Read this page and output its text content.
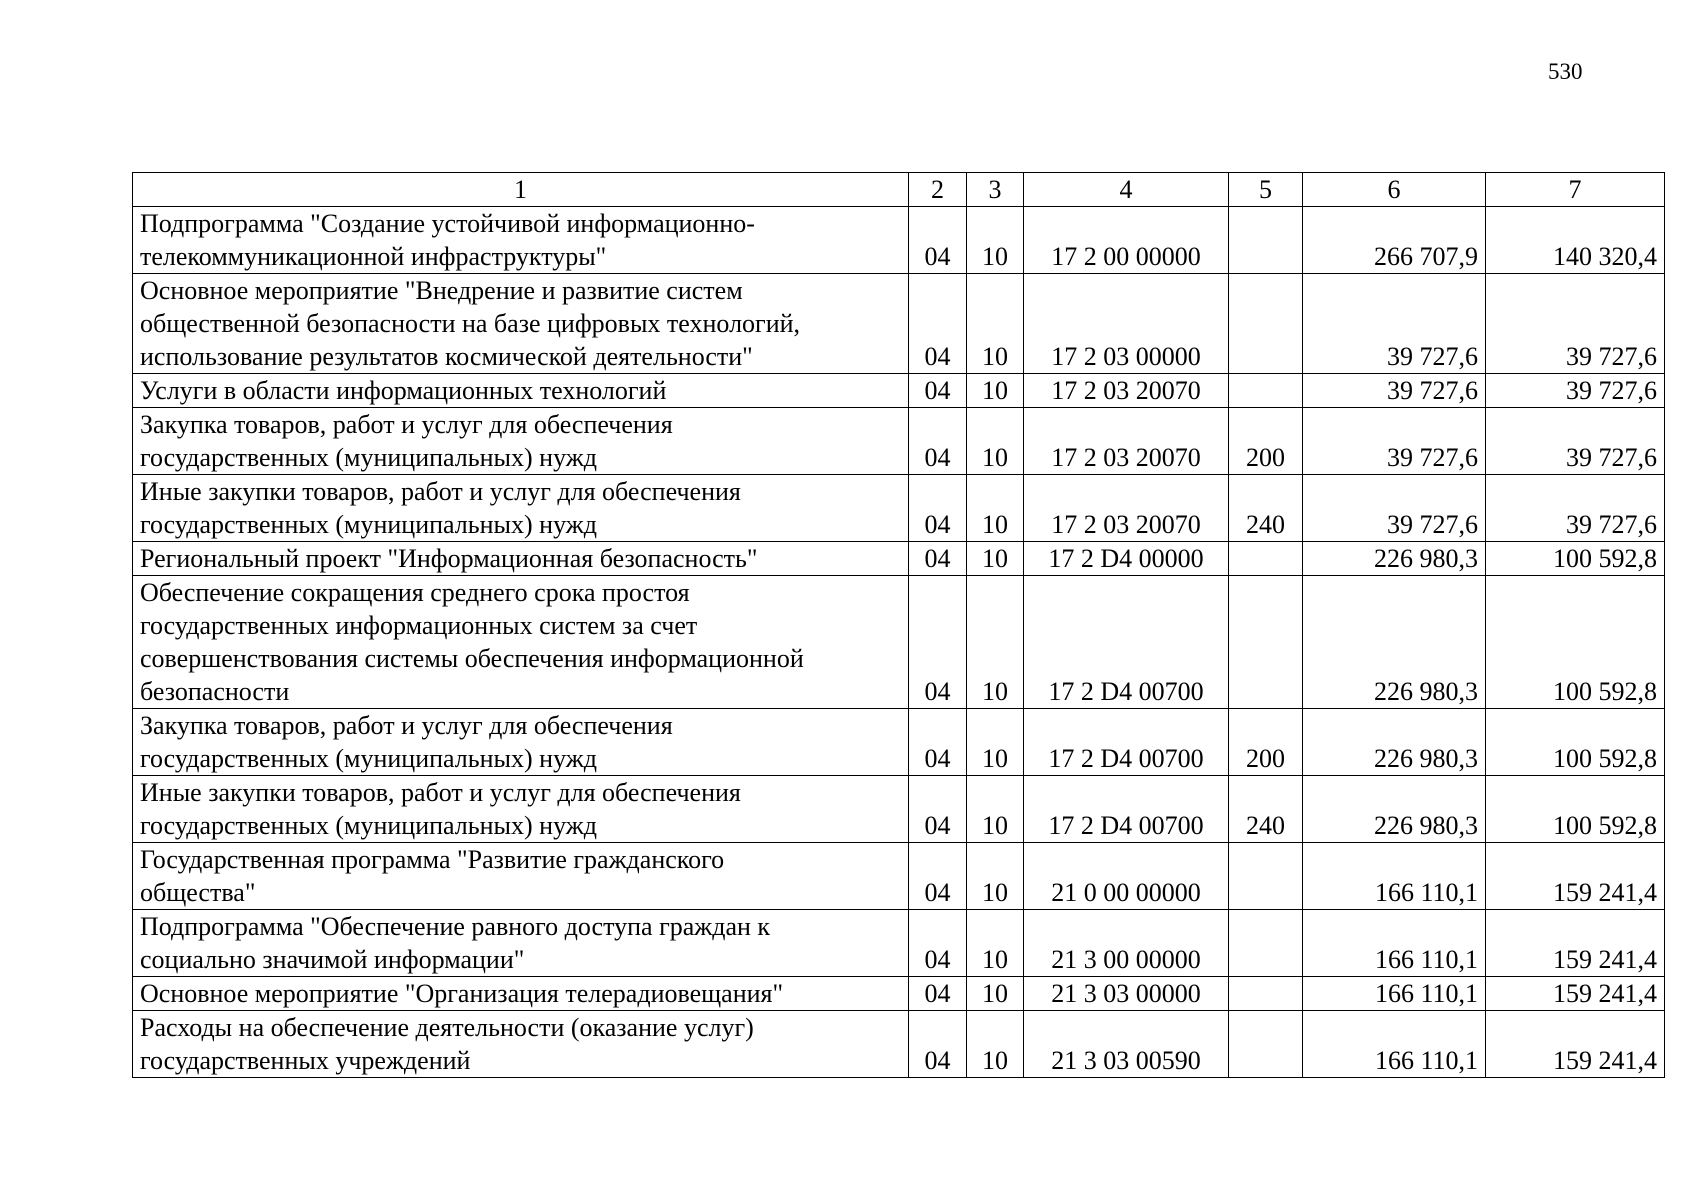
530
1	2	3	4	5	6	7

Подпрограмма "Создание устойчивой информационно-
телекоммуникационной инфраструктуры"	04	10	17 2 00 00000		266 707,9	140 320,4

Основное мероприятие "Внедрение и развитие систем
общественной безопасности на базе цифровых технологий,
использование результатов космической деятельности"	04	10	17 2 03 00000		39 727,6	39 727,6

Услуги в области информационных технологий	04	10	17 2 03 20070		39 727,6	39 727,6

Закупка товаров, работ и услуг для обеспечения
государственных (муниципальных) нужд	04	10	17 2 03 20070	200	39 727,6	39 727,6

Иные закупки товаров, работ и услуг для обеспечения
государственных (муниципальных) нужд	04	10	17 2 03 20070	240	39 727,6	39 727,6

Региональный проект "Информационная безопасность"	04	10	17 2 D4 00000		226 980,3	100 592,8

Обеспечение сокращения среднего срока простоя
государственных информационных систем за счет
совершенствования системы обеспечения информационной
безопасности	04	10	17 2 D4 00700		226 980,3	100 592,8

Закупка товаров, работ и услуг для обеспечения
государственных (муниципальных) нужд	04	10	17 2 D4 00700	200	226 980,3	100 592,8

Иные закупки товаров, работ и услуг для обеспечения
государственных (муниципальных) нужд	04	10	17 2 D4 00700	240	226 980,3	100 592,8

Государственная программа "Развитие гражданского
общества"	04	10	21 0 00 00000		166 110,1	159 241,4

Подпрограмма "Обеспечение равного доступа граждан к
социально значимой информации"	04	10	21 3 00 00000		166 110,1	159 241,4

Основное мероприятие "Организация телерадиовещания"	04	10	21 3 03 00000		166 110,1	159 241,4

Расходы на обеспечение деятельности (оказание услуг)
государственных учреждений	04	10	21 3 03 00590		166 110,1	159 241,4
